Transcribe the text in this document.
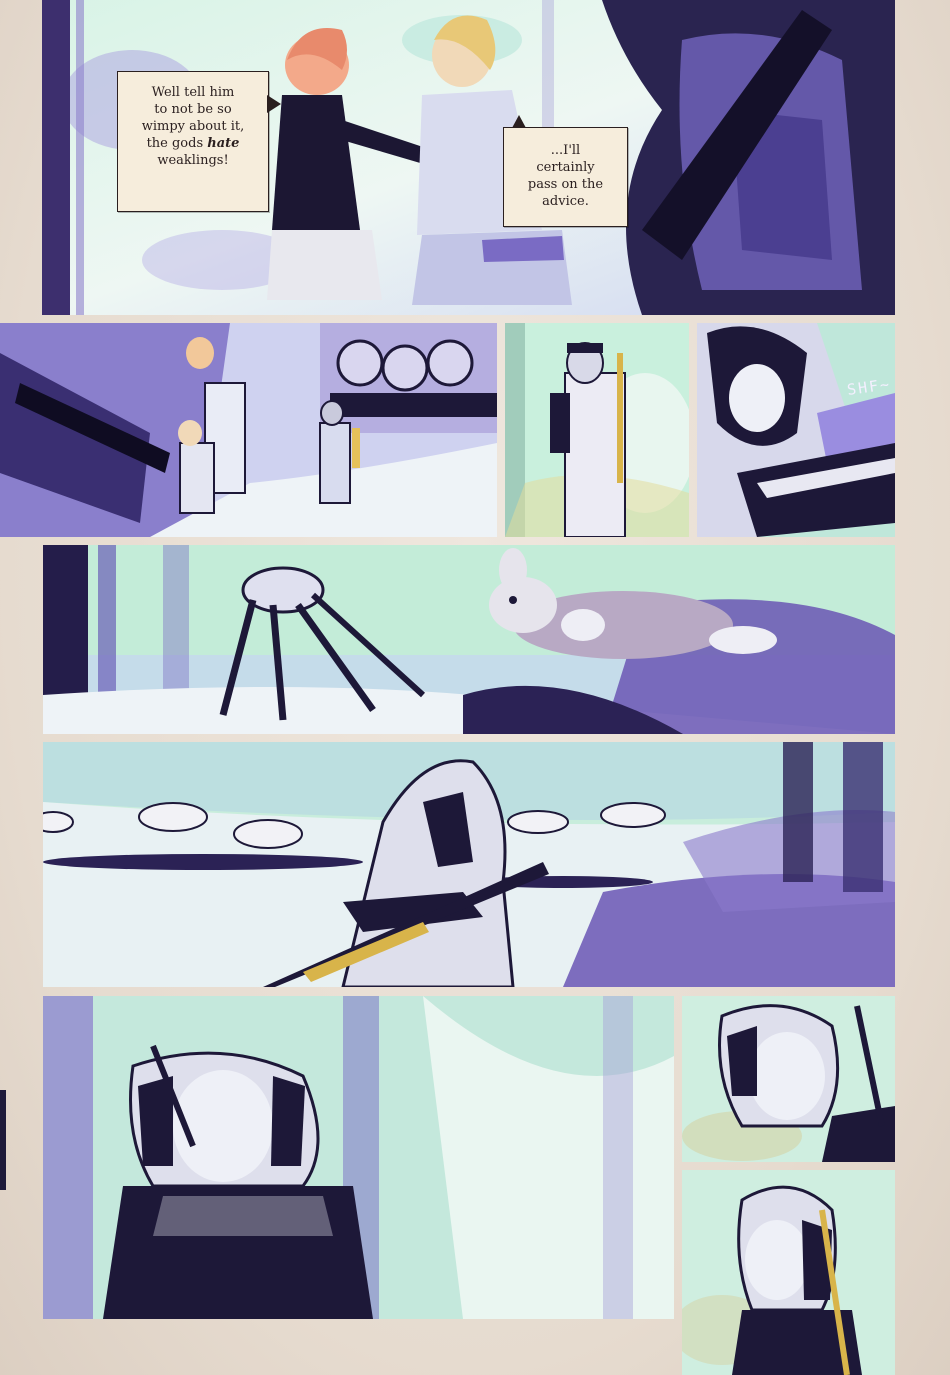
Well tell him
to not be so
wimpy about it,
the gods hate
weaklings!
...I'll
certainly
pass on the
advice.
SHF~
